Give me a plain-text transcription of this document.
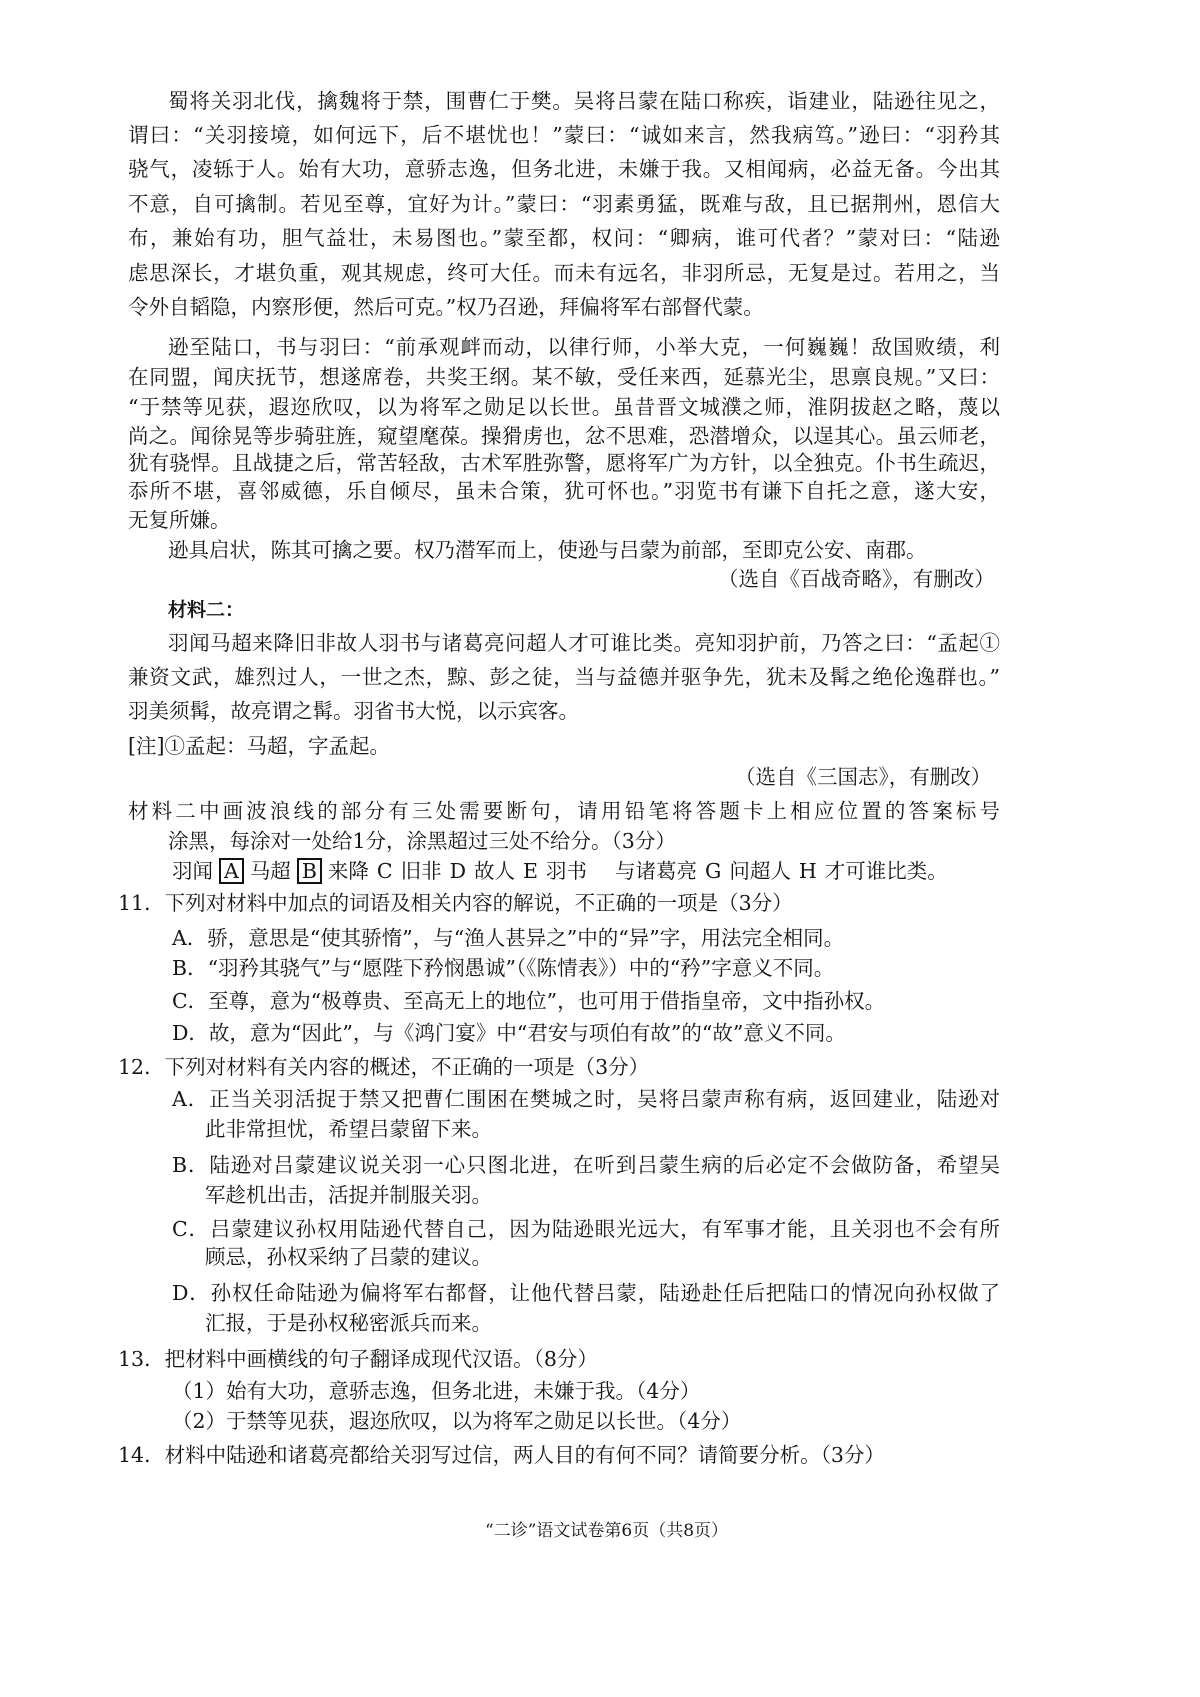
蜀将关羽北伐，擒魏将于禁，围曹仁于樊。吴将吕蒙在陆口称疾，诣建业，陆逊往见之，
谓曰：“关羽接境，如何远下，后不堪忧也！”蒙曰：“诚如来言，然我病笃。”逊曰：“羽矜其
骁气，凌轹于人。始有大功，意骄志逸，但务北进，未嫌于我。又相闻病，必益无备。今出其
不意，自可擒制。若见至尊，宜好为计。”蒙曰：“羽素勇猛，既难与敌，且已据荆州，恩信大
布，兼始有功，胆气益壮，未易图也。”蒙至都，权问：“卿病，谁可代者？”蒙对曰：“陆逊
虑思深长，才堪负重，观其规虑，终可大任。而未有远名，非羽所忌，无复是过。若用之，当
令外自韬隐，内察形便，然后可克。”权乃召逊，拜偏将军右部督代蒙。
逊至陆口，书与羽曰：“前承观衅而动，以律行师，小举大克，一何巍巍！敌国败绩，利
在同盟，闻庆抚节，想遂席卷，共奖王纲。某不敏，受任来西，延慕光尘，思禀良规。”又曰：
“于禁等见获，遐迩欣叹，以为将军之勋足以长世。虽昔晋文城濮之师，淮阴拔赵之略，蔑以
尚之。闻徐晃等步骑驻旌，窥望麾葆。操猾虏也，忿不思难，恐潜增众，以逞其心。虽云师老，
犹有骁悍。且战捷之后，常苦轻敌，古术军胜弥警，愿将军广为方针，以全独克。仆书生疏迟，
忝所不堪，喜邻威德，乐自倾尽，虽未合策，犹可怀也。”羽览书有谦下自托之意，遂大安，
无复所嫌。
逊具启状，陈其可擒之要。权乃潜军而上，使逊与吕蒙为前部，至即克公安、南郡。
（选自《百战奇略》，有删改）
材料二：
羽闻马超来降旧非故人羽书与诸葛亮问超人才可谁比类。亮知羽护前，乃答之曰：“孟起①
兼资文武，雄烈过人，一世之杰，黥、彭之徒，当与益德并驱争先，犹未及髯之绝伦逸群也。”
羽美须髯，故亮谓之髯。羽省书大悦，以示宾客。
[注]①孟起：马超，字孟起。
（选自《三国志》，有删改）
材料二中画波浪线的部分有三处需要断句，请用铅笔将答题卡上相应位置的答案标号
涂黑，每涂对一处给1分，涂黑超过三处不给分。（3分）
11．下列对材料中加点的词语及相关内容的解说，不正确的一项是（3分）
A．骄，意思是“使其骄惰”，与“渔人甚异之”中的“异”字，用法完全相同。
B．“羽矜其骁气”与“愿陛下矜悯愚诚”（《陈情表》）中的“矜”字意义不同。
C．至尊，意为“极尊贵、至高无上的地位”，也可用于借指皇帝，文中指孙权。
D．故，意为“因此”，与《鸿门宴》中“君安与项伯有故”的“故”意义不同。
12．下列对材料有关内容的概述，不正确的一项是（3分）
A．正当关羽活捉于禁又把曹仁围困在樊城之时，吴将吕蒙声称有病，返回建业，陆逊对
此非常担忧，希望吕蒙留下来。
B．陆逊对吕蒙建议说关羽一心只图北进，在听到吕蒙生病的后必定不会做防备，希望吴
军趁机出击，活捉并制服关羽。
C．吕蒙建议孙权用陆逊代替自己，因为陆逊眼光远大，有军事才能，且关羽也不会有所
顾忌，孙权采纳了吕蒙的建议。
D．孙权任命陆逊为偏将军右都督，让他代替吕蒙，陆逊赴任后把陆口的情况向孙权做了
汇报，于是孙权秘密派兵而来。
13．把材料中画横线的句子翻译成现代汉语。（8分）
（1）始有大功，意骄志逸，但务北进，未嫌于我。（4分）
（2）于禁等见获，遐迩欣叹，以为将军之勋足以长世。（4分）
14．材料中陆逊和诸葛亮都给关羽写过信，两人目的有何不同？请简要分析。（3分）
“二诊”语文试卷第6页（共8页）
羽闻 A 马超 B 来降 C 旧非 D 故人 E 羽书 与诸葛亮 G 问超人 H 才可谁比类。
